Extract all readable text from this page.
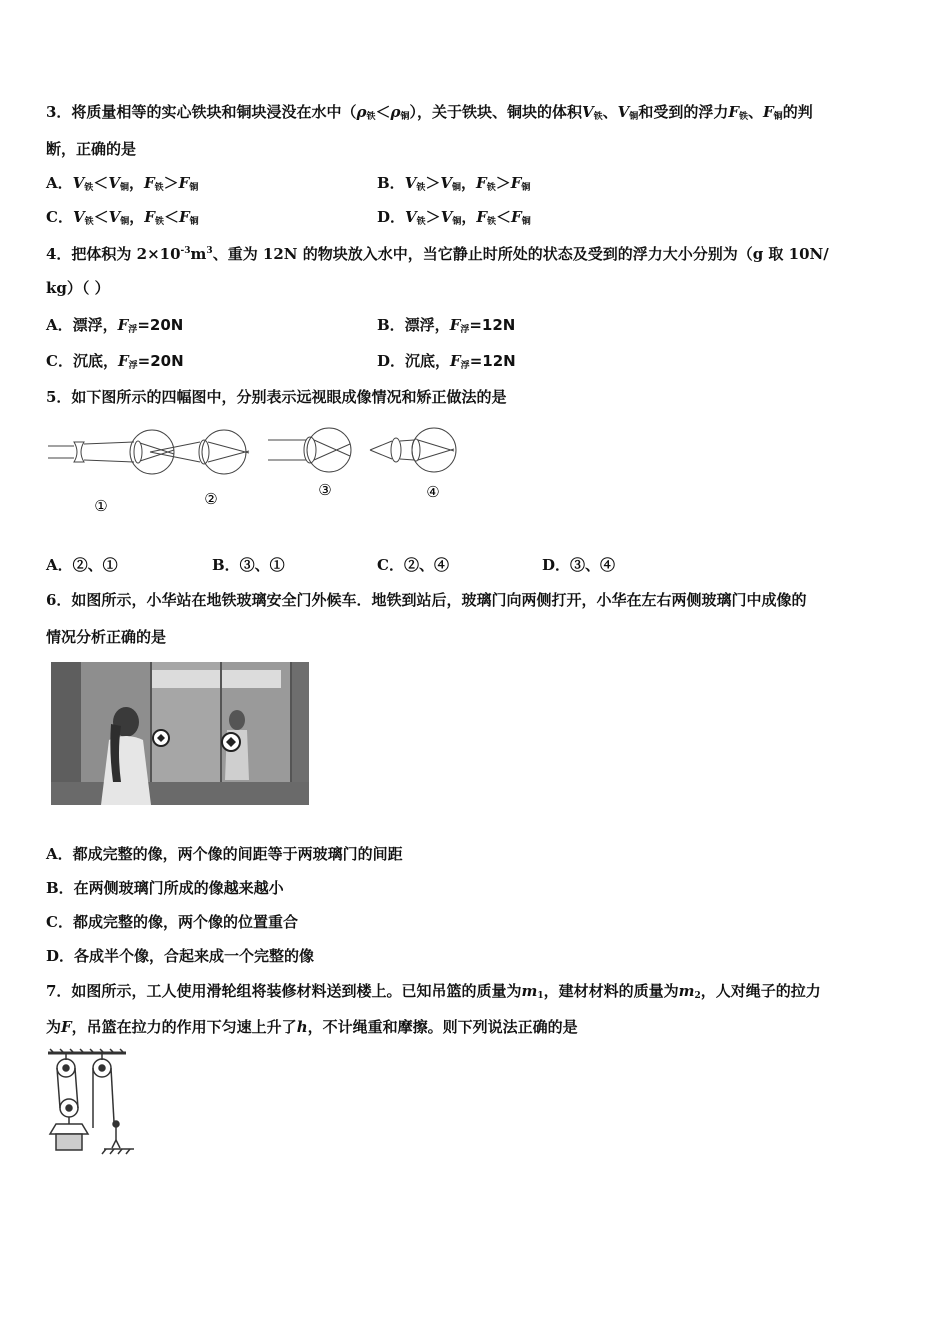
3．将质量相等的实心铁块和铜块浸没在水中$(\rho_铁<\rho_铜)$，关于铁块、铜块的体积$V_铁$、$V_铜$和受到的浮力$F_铁$、$F_铜$的判
断，正确的是
A．$V_铁<V_铜$，$F_铁>F_铜$	B．$V_铁>V_铜$，$F_铁>F_铜$
C．$V_铁<V_铜$，$F_铁<F_铜$	D．$V_铁>V_铜$，$F_铁<F_铜$
4．把体积为 $2\times 10^{-3}m^3$、重为 12N 的物块放入水中，当它静止时所处的状态及受到的浮力大小分别为（g 取 10N/
kg）（ ）
A．漂浮，$F_浮=20N$	B．漂浮，$F_浮=12N$
C．沉底，$F_浮=20N$	D．沉底，$F_浮=12N$
5．如下图所示的四幅图中，分别表示远视眼成像情况和矫正做法的是
①	②	③	④
A．②、①	B．③、①	C．②、④	D．③、④
6．如图所示，小华站在地铁玻璃安全门外候车．地铁到站后，玻璃门向两侧打开，小华在左右两侧玻璃门中成像的
情况分析正确的是
A．都成完整的像，两个像的间距等于两玻璃门的间距
B．在两侧玻璃门所成的像越来越小
C．都成完整的像，两个像的位置重合
D．各成半个像，合起来成一个完整的像
7．如图所示，工人使用滑轮组将装修材料送到楼上。已知吊篮的质量为$m_1$，建材材料的质量为$m_2$，人对绳子的拉力
为F，吊篮在拉力的作用下匀速上升了h，不计绳重和摩擦。则下列说法正确的是
